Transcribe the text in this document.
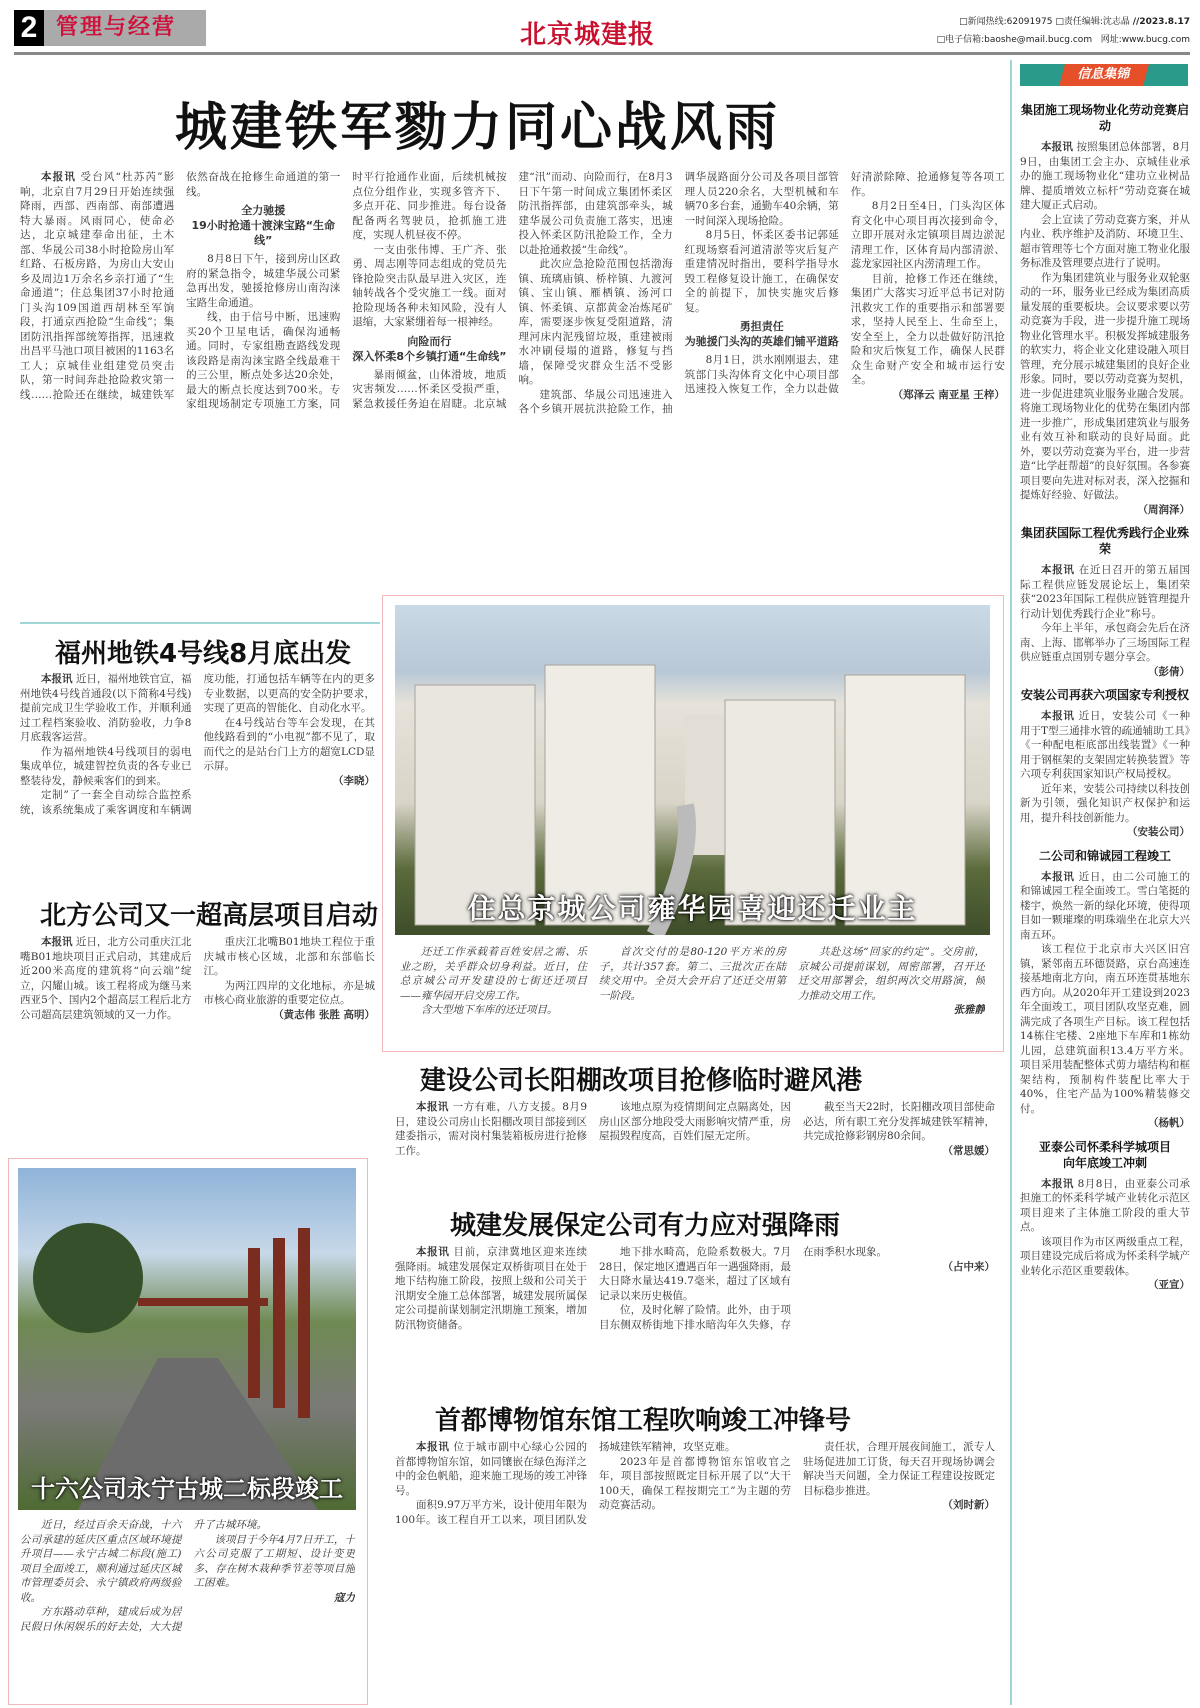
2 管理与经营	北京城建报	□新闻热线:62091975 □责任编辑:沈志晶 //2023.8.17
□电子信箱:baoshe@mail.bucg.com 网址:www.bucg.com
城建铁军勠力同心战风雨

本报讯 受台风“杜苏芮”影响，北京自7月29日开始连续强降雨，西部、西南部、南部遭遇特大暴雨。风雨同心，使命必达，北京城建奉命出征，土木部、华晟公司38小时抢险房山军红路、石板房路，为房山大安山乡及周边1万余名乡亲打通了“生命通道”；住总集团37小时抢通门头沟109国道西胡林至军饷段，打通京西抢险“生命线”；集团防汛指挥部统筹指挥，迅速救出昌平马池口项目被困的1163名工人；京城佳业组建党员突击队，第一时间奔赴抢险救灾第一线……抢险还在继续，城建铁军依然奋战在抢修生命通道的第一线。

全力驰援
19小时抢通十渡涞宝路“生命线”

8月8日下午，接到房山区政府的紧急指令，城建华晟公司紧急再出发，驰援抢修房山南沟涞宝路生命通道。

线，由于信号中断，迅速购买20个卫星电话，确保沟通畅通。同时，专家组勘查路线发现该段路是南沟涞宝路全线最难干的三公里，断点处多达20余处，最大的断点长度达到700米。专家组现场制定专项施工方案，同时平行抢通作业面，后续机械按点位分组作业，实现多管齐下、多点开花、同步推进。每台设备配备两名驾驶员，抢抓施工进度，实现人机昼夜不停。

一支由张伟博、王广齐、张勇、周志刚等同志组成的党员先锋抢险突击队最早进入灾区，连轴转战各个受灾施工一线。面对抢险现场各种未知风险，没有人退缩，大家紧绷着每一根神经。

向险而行
深入怀柔8个乡镇打通“生命线”

暴雨倾盆，山体滑坡，地质灾害频发……怀柔区受损严重，紧急救援任务迫在眉睫。北京城建“汛”而动、向险而行，在8月3日下午第一时间成立集团怀柔区防汛指挥部，由建筑部牵头，城建华晟公司负责施工落实，迅速投入怀柔区防汛抢险工作，全力以赴抢通救援“生命线”。

此次应急抢险范围包括渤海镇、琉璃庙镇、桥梓镇、九渡河镇、宝山镇、雁栖镇、汤河口镇、怀柔镇、京都黄金冶炼尾矿库，需要逐步恢复受阻道路，清理河床内泥残留垃圾，重建被雨水冲刷侵塌的道路，修复与挡墙，保障受灾群众生活不受影响。

建筑部、华晟公司迅速进入各个乡镇开展抗洪抢险工作，抽调华晟路面分公司及各项目部管理人员220余名，大型机械和车辆70多台套，通勤车40余辆，第一时间深入现场抢险。

8月5日，怀柔区委书记郭延红现场察看河道清淤等灾后复产重建情况时指出，要科学指导水毁工程修复设计施工，在确保安全的前提下，加快实施灾后修复。

勇担责任
为驰援门头沟的英雄们铺平道路

8月1日，洪水刚刚退去，建筑部门头沟体育文化中心项目部迅速投入恢复工作，全力以赴做好清淤除障、抢通修复等各项工作。

8月2日至4日，门头沟区体育文化中心项目再次接到命令，立即开展对永定镇项目周边淤泥清理工作，区体育局内部清淤、蕊龙家园社区内涝清理工作。

目前，抢修工作还在继续，集团广大落实习近平总书记对防汛救灾工作的重要指示和部署要求，坚持人民至上、生命至上，安全至上，全力以赴做好防汛抢险和灾后恢复工作，确保人民群众生命财产安全和城市运行安全。

（郑泽云 南亚星 王梓）
福州地铁4号线8月底出发

本报讯 近日，福州地铁官宣，福州地铁4号线首通段(以下简称4号线)提前完成卫生学验收工作，并顺利通过工程档案验收、消防验收，力争8月底载客运营。

作为福州地铁4号线项目的弱电集成单位，城建智控负责的各专业已整装待发，静候乘客们的到来。

定制”了一套全自动综合监控系统，该系统集成了乘客调度和车辆调度功能，打通包括车辆等在内的更多专业数据，以更高的安全防护要求，实现了更高的智能化、自动化水平。

在4号线站台等车会发现，在其他线路看到的“小电视”都不见了，取而代之的是站台门上方的超宽LCD显示屏。

（李晓）
住总京城公司雍华园喜迎还迁业主

还迁工作承载着百姓安居之需、乐业之盼，关乎群众切身利益。近日，住总京城公司开发建设的七街还迁项目——雍华园开启交房工作。

含大型地下车库的还迁项目。

首次交付的是80-120平方米的房子，共计357套。第二、三批次正在陆续交用中。全员大会开启了还迁交用第一阶段。

共赴这场“回家的约定”。交房前，京城公司提前谋划，周密部署，召开还迁交用部署会，组织两次交用路演，倾力推动交用工作。

张雅静
北方公司又一超高层项目启动

本报讯 近日，北方公司重庆江北嘴B01地块项目正式启动，其建成后近200米高度的建筑将“向云端”绽立，闪耀山城。该工程将成为继马来西亚5个、国内2个超高层工程后北方公司超高层建筑领域的又一力作。

重庆江北嘴B01地块工程位于重庆城市核心区域，北部和东部临长江。

为两江四岸的文化地标，亦是城市核心商业旅游的重要定位点。

（黄志伟 张胜 高明）
建设公司长阳棚改项目抢修临时避风港

本报讯 一方有难，八方支援。8月9日，建设公司房山长阳棚改项目部接到区建委指示，需对岗村集装箱板房进行抢修工作。

该地点原为疫情期间定点隔离处，因房山区部分地段受大雨影响灾情严重，房屋损毁程度高，百姓们屋无定所。

截至当天22时，长阳棚改项目部使命必达，所有职工充分发挥城建铁军精神，共完成抢修彩钢房80余间。

（常思媛）
十六公司永宁古城二标段竣工

近日，经过百余天奋战，十六公司承建的延庆区重点区域环境提升项目——永宁古城二标段(施工)项目全面竣工，顺利通过延庆区城市管理委员会、永宁镇政府两级验收。

方东路动草种，建成后成为居民假日休闲娱乐的好去处，大大提升了古城环境。

该项目于今年4月7日开工，十六公司克服了工期短、设计变更多、存在树木栽种季节差等项目施工困难。

寇力
城建发展保定公司有力应对强降雨

本报讯 目前，京津冀地区迎来连续强降雨。城建发展保定双桥街项目在处于地下结构施工阶段，按照上级和公司关于汛期安全施工总体部署，城建发展所属保定公司提前谋划制定汛期施工预案，增加防汛物资储备。

地下排水畸高，危险系数极大。7月28日，保定地区遭遇百年一遇强降雨，最大日降水量达419.7毫米，超过了区域有记录以来历史极值。

位，及时化解了险情。此外，由于项目东侧双桥街地下排水暗沟年久失修，存在雨季积水现象。

（占中来）
首都博物馆东馆工程吹响竣工冲锋号

本报讯 位于城市副中心绿心公园的首都博物馆东馆，如同镶嵌在绿色海洋之中的金色帆船，迎来施工现场的竣工冲锋号。

面积9.97万平方米，设计使用年限为100年。该工程自开工以来，项目团队发扬城建铁军精神，攻坚克难。

2023年是首都博物馆东馆收官之年，项目部按照既定目标开展了以“大干100天，确保工程按期完工”为主题的劳动竞赛活动。

责任状，合理开展夜间施工，派专人驻场促进加工订货，每天召开现场协调会解决当天问题，全力保证工程建设按既定目标稳步推进。

（刘时新）
信息集锦
集团施工现场物业化劳动竞赛启动

本报讯 按照集团总体部署，8月9日，由集团工会主办、京城佳业承办的施工现场物业化“建功立业树品牌、提质增效立标杆”劳动竞赛在城建大厦正式启动。

会上宣读了劳动竞赛方案，并从内业、秩序维护及消防、环境卫生、超市管理等七个方面对施工物业化服务标准及管理要点进行了说明。

作为集团建筑业与服务业双轮驱动的一环，服务业已经成为集团高质量发展的重要板块。会议要求要以劳动竞赛为手段，进一步提升施工现场物业化管理水平。积极发挥城建服务的软实力，将企业文化建设融入项目管理，充分展示城建集团的良好企业形象。同时，要以劳动竞赛为契机，进一步促进建筑业服务业融合发展。将施工现场物业化的优势在集团内部进一步推广，形成集团建筑业与服务业有效互补和联动的良好局面。此外，要以劳动竞赛为平台，进一步营造“比学赶帮超”的良好氛围。各参赛项目要向先进对标对表，深入挖掘和提炼好经验、好做法。

（周润泽）
集团获国际工程优秀践行企业殊荣

本报讯 在近日召开的第五届国际工程供应链发展论坛上，集团荣获“2023年国际工程供应链管理提升行动计划优秀践行企业”称号。

今年上半年，承包商会先后在济南、上海、邯郸举办了三场国际工程供应链重点国别专题分享会。

（彭倩）
安装公司再获六项国家专利授权

本报讯 近日，安装公司《一种用于T型三通排水管的疏通辅助工具》《一种配电柜底部出线装置》《一种用于钢框架的支架固定转换装置》等六项专利获国家知识产权局授权。

近年来，安装公司持续以科技创新为引领，强化知识产权保护和运用，提升科技创新能力。

（安装公司）
二公司和锦诚园工程竣工

本报讯 近日，由二公司施工的和锦诚园工程全面竣工。雪白笔挺的楼宇，焕然一新的绿化环境，使得项目如一颗璀璨的明珠端坐在北京大兴南五环。

该工程位于北京市大兴区旧宫镇，紧邻南五环德贤路，京台高速连接基地南北方向，南五环连贯基地东西方向。从2020年开工建设到2023年全面竣工，项目团队攻坚克难，圆满完成了各项生产目标。该工程包括14栋住宅楼、2座地下车库和1栋幼儿园，总建筑面积13.4万平方米。项目采用装配整体式剪力墙结构和框架结构，预制构件装配比率大于40%，住宅产品为100%精装修交付。

（杨帆）
亚泰公司怀柔科学城项目
向年底竣工冲刺

本报讯 8月8日，由亚泰公司承担施工的怀柔科学城产业转化示范区项目迎来了主体施工阶段的重大节点。

该项目作为市区两级重点工程，项目建设完成后将成为怀柔科学城产业转化示范区重要载体。

（亚宣）
